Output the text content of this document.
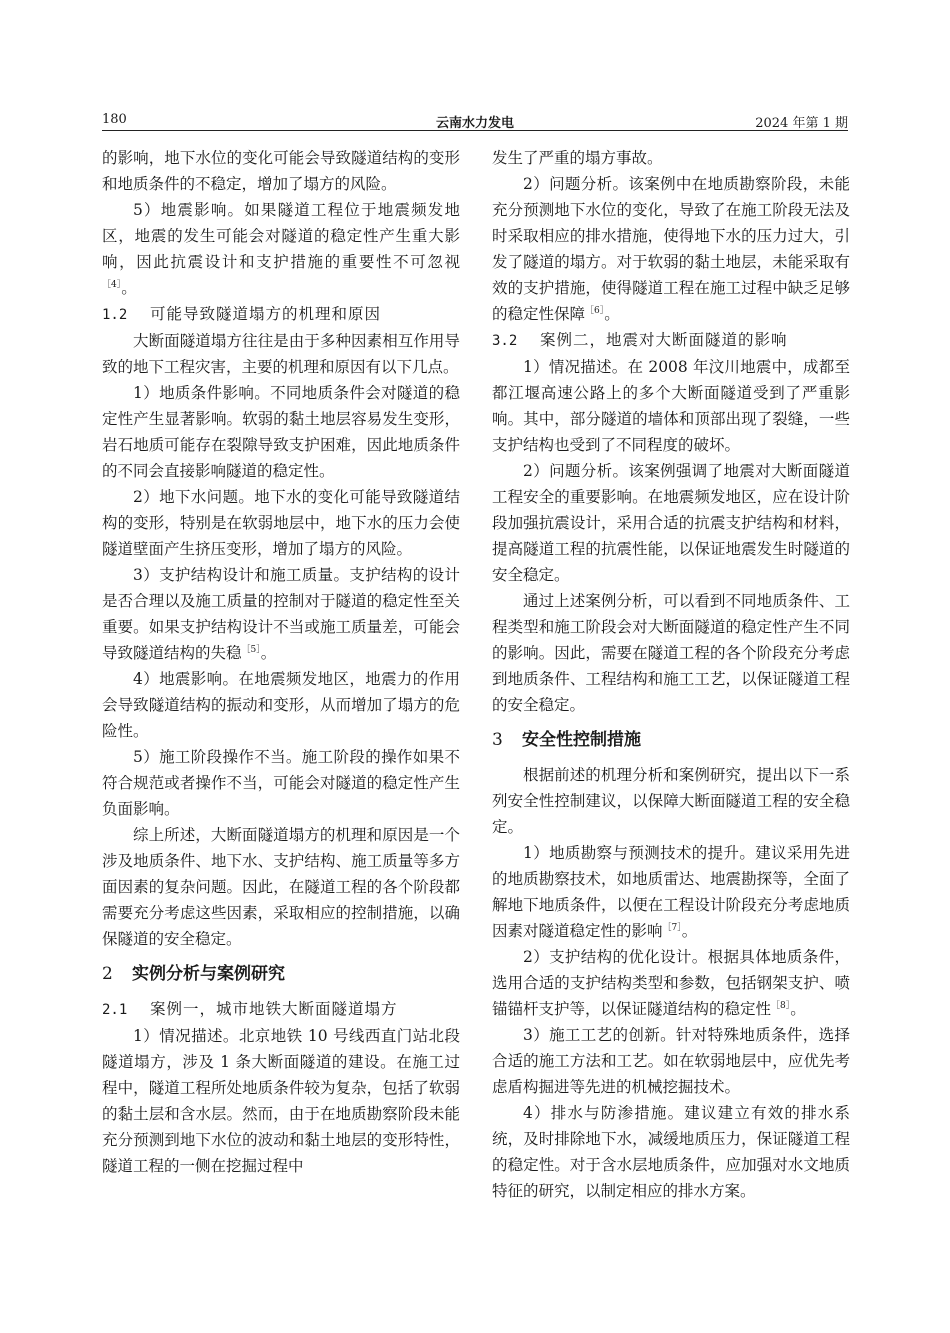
180	云南水力发电	2024 年第 1 期

的影响，地下水位的变化可能会导致隧道结构的变形和地质条件的不稳定，增加了塌方的风险。

5）地震影响。如果隧道工程位于地震频发地区，地震的发生可能会对隧道的稳定性产生重大影响，因此抗震设计和支护措施的重要性不可忽视$^{[4]}$。

1.2 可能导致隧道塌方的机理和原因

大断面隧道塌方往往是由于多种因素相互作用导致的地下工程灾害，主要的机理和原因有以下几点。

1）地质条件影响。不同地质条件会对隧道的稳定性产生显著影响。软弱的黏土地层容易发生变形，岩石地质可能存在裂隙导致支护困难，因此地质条件的不同会直接影响隧道的稳定性。

2）地下水问题。地下水的变化可能导致隧道结构的变形，特别是在软弱地层中，地下水的压力会使隧道壁面产生挤压变形，增加了塌方的风险。

3）支护结构设计和施工质量。支护结构的设计是否合理以及施工质量的控制对于隧道的稳定性至关重要。如果支护结构设计不当或施工质量差，可能会导致隧道结构的失稳$^{[5]}$。

4）地震影响。在地震频发地区，地震力的作用会导致隧道结构的振动和变形，从而增加了塌方的危险性。

5）施工阶段操作不当。施工阶段的操作如果不符合规范或者操作不当，可能会对隧道的稳定性产生负面影响。

综上所述，大断面隧道塌方的机理和原因是一个涉及地质条件、地下水、支护结构、施工质量等多方面因素的复杂问题。因此，在隧道工程的各个阶段都需要充分考虑这些因素，采取相应的控制措施，以确保隧道的安全稳定。

2 实例分析与案例研究
2.1 案例一，城市地铁大断面隧道塌方

1）情况描述。北京地铁 10 号线西直门站北段隧道塌方，涉及 1 条大断面隧道的建设。在施工过程中，隧道工程所处地质条件较为复杂，包括了软弱的黏土层和含水层。然而，由于在地质勘察阶段未能充分预测到地下水位的波动和黏土地层的变形特性，隧道工程的一侧在挖掘过程中

发生了严重的塌方事故。

2）问题分析。该案例中在地质勘察阶段，未能充分预测地下水位的变化，导致了在施工阶段无法及时采取相应的排水措施，使得地下水的压力过大，引发了隧道的塌方。对于软弱的黏土地层，未能采取有效的支护措施，使得隧道工程在施工过程中缺乏足够的稳定性保障$^{[6]}$。

3.2 案例二，地震对大断面隧道的影响

1）情况描述。在 2008 年汶川地震中，成都至都江堰高速公路上的多个大断面隧道受到了严重影响。其中，部分隧道的墙体和顶部出现了裂缝，一些支护结构也受到了不同程度的破坏。

2）问题分析。该案例强调了地震对大断面隧道工程安全的重要影响。在地震频发地区，应在设计阶段加强抗震设计，采用合适的抗震支护结构和材料，提高隧道工程的抗震性能，以保证地震发生时隧道的安全稳定。

通过上述案例分析，可以看到不同地质条件、工程类型和施工阶段会对大断面隧道的稳定性产生不同的影响。因此，需要在隧道工程的各个阶段充分考虑到地质条件、工程结构和施工工艺，以保证隧道工程的安全稳定。

3 安全性控制措施

根据前述的机理分析和案例研究，提出以下一系列安全性控制建议，以保障大断面隧道工程的安全稳定。

1）地质勘察与预测技术的提升。建议采用先进的地质勘察技术，如地质雷达、地震勘探等，全面了解地下地质条件，以便在工程设计阶段充分考虑地质因素对隧道稳定性的影响$^{[7]}$。

2）支护结构的优化设计。根据具体地质条件，选用合适的支护结构类型和参数，包括钢架支护、喷锚锚杆支护等，以保证隧道结构的稳定性$^{[8]}$。

3）施工工艺的创新。针对特殊地质条件，选择合适的施工方法和工艺。如在软弱地层中，应优先考虑盾构掘进等先进的机械挖掘技术。

4）排水与防渗措施。建议建立有效的排水系统，及时排除地下水，减缓地质压力，保证隧道工程的稳定性。对于含水层地质条件，应加强对水文地质特征的研究，以制定相应的排水方案。
